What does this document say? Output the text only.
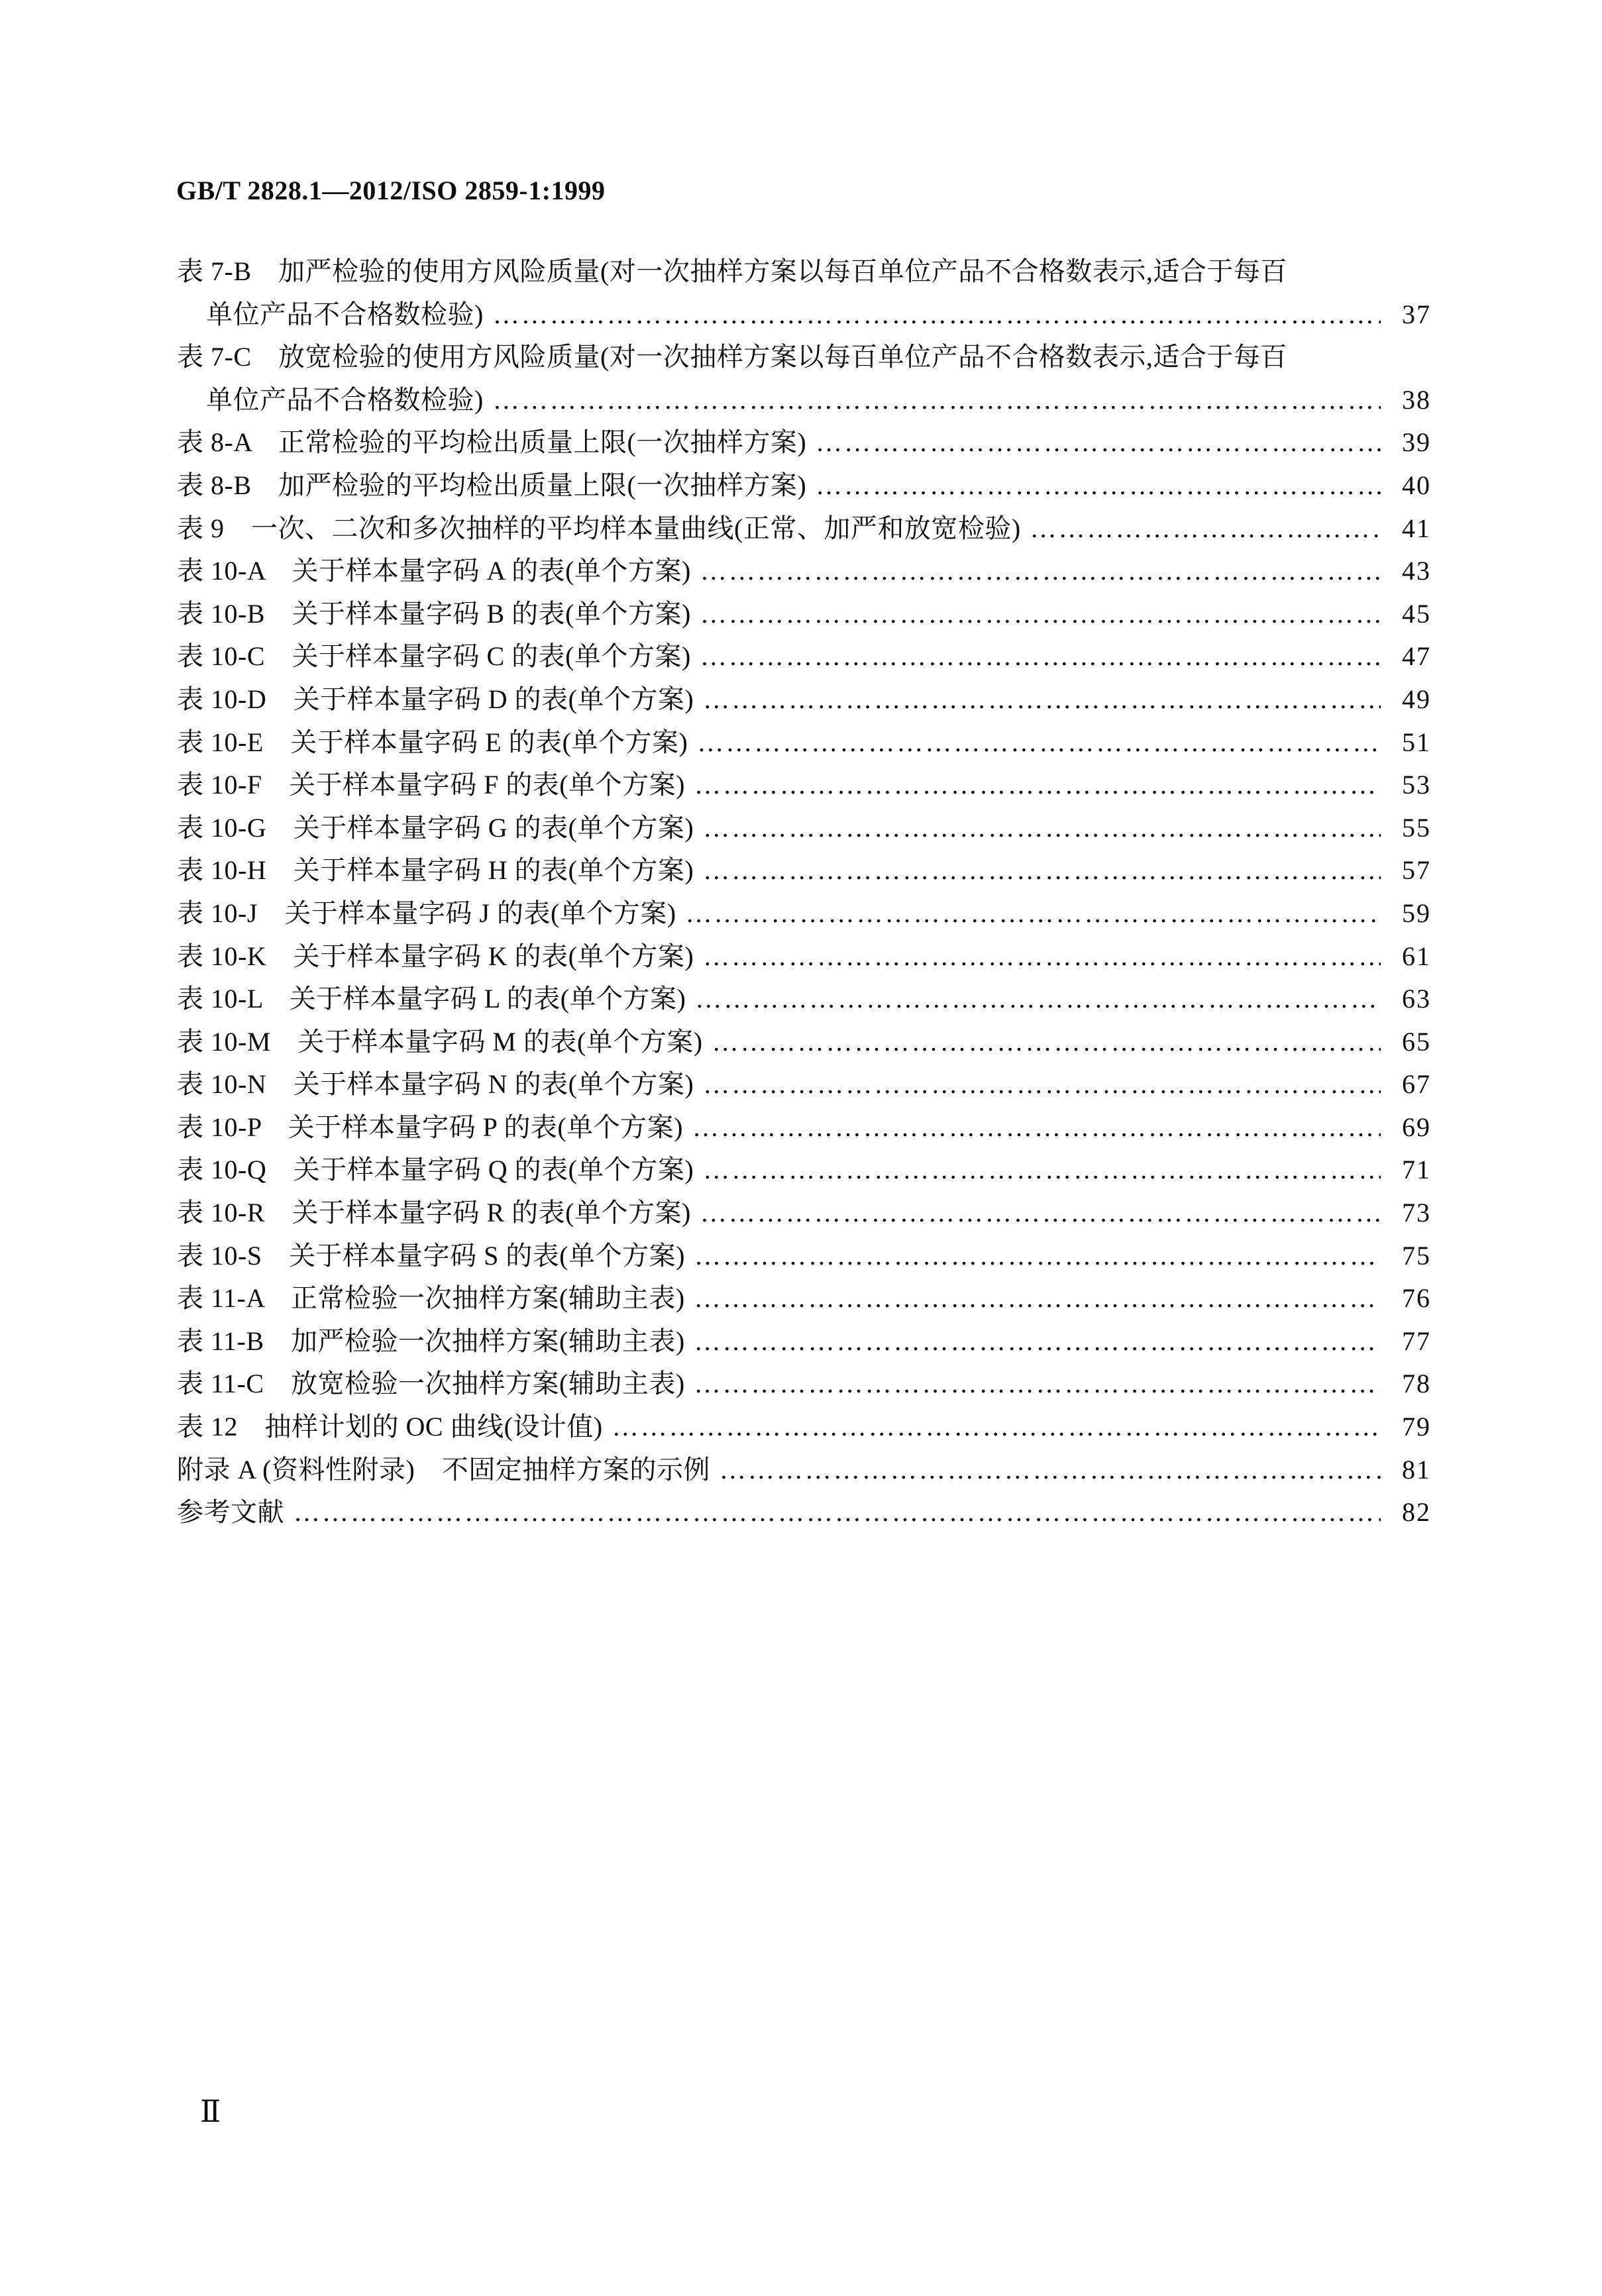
GB/T 2828.1—2012/ISO 2859-1:1999
表 7-B　加严检验的使用方风险质量(对一次抽样方案以每百单位产品不合格数表示,适合于每百
单位产品不合格数检验) …………………………………………………………………………………………………………………………………………………………………………………………	37
表 7-C　放宽检验的使用方风险质量(对一次抽样方案以每百单位产品不合格数表示,适合于每百
单位产品不合格数检验) …………………………………………………………………………………………………………………………………………………………………………………………	38
表 8-A　正常检验的平均检出质量上限(一次抽样方案) …………………………………………………………………………………………………………………………………………………………………………………………	39
表 8-B　加严检验的平均检出质量上限(一次抽样方案) …………………………………………………………………………………………………………………………………………………………………………………………	40
表 9　一次、二次和多次抽样的平均样本量曲线(正常、加严和放宽检验) …………………………………………………………………………………………………………………………………………………………………………………………	41
表 10-A　关于样本量字码 A 的表(单个方案) …………………………………………………………………………………………………………………………………………………………………………………………	43
表 10-B　关于样本量字码 B 的表(单个方案) …………………………………………………………………………………………………………………………………………………………………………………………	45
表 10-C　关于样本量字码 C 的表(单个方案) …………………………………………………………………………………………………………………………………………………………………………………………	47
表 10-D　关于样本量字码 D 的表(单个方案) …………………………………………………………………………………………………………………………………………………………………………………………	49
表 10-E　关于样本量字码 E 的表(单个方案) …………………………………………………………………………………………………………………………………………………………………………………………	51
表 10-F　关于样本量字码 F 的表(单个方案) …………………………………………………………………………………………………………………………………………………………………………………………	53
表 10-G　关于样本量字码 G 的表(单个方案) …………………………………………………………………………………………………………………………………………………………………………………………	55
表 10-H　关于样本量字码 H 的表(单个方案) …………………………………………………………………………………………………………………………………………………………………………………………	57
表 10-J　关于样本量字码 J 的表(单个方案) …………………………………………………………………………………………………………………………………………………………………………………………	59
表 10-K　关于样本量字码 K 的表(单个方案) …………………………………………………………………………………………………………………………………………………………………………………………	61
表 10-L　关于样本量字码 L 的表(单个方案) …………………………………………………………………………………………………………………………………………………………………………………………	63
表 10-M　关于样本量字码 M 的表(单个方案) …………………………………………………………………………………………………………………………………………………………………………………………	65
表 10-N　关于样本量字码 N 的表(单个方案) …………………………………………………………………………………………………………………………………………………………………………………………	67
表 10-P　关于样本量字码 P 的表(单个方案) …………………………………………………………………………………………………………………………………………………………………………………………	69
表 10-Q　关于样本量字码 Q 的表(单个方案) …………………………………………………………………………………………………………………………………………………………………………………………	71
表 10-R　关于样本量字码 R 的表(单个方案) …………………………………………………………………………………………………………………………………………………………………………………………	73
表 10-S　关于样本量字码 S 的表(单个方案) …………………………………………………………………………………………………………………………………………………………………………………………	75
表 11-A　正常检验一次抽样方案(辅助主表) …………………………………………………………………………………………………………………………………………………………………………………………	76
表 11-B　加严检验一次抽样方案(辅助主表) …………………………………………………………………………………………………………………………………………………………………………………………	77
表 11-C　放宽检验一次抽样方案(辅助主表) …………………………………………………………………………………………………………………………………………………………………………………………	78
表 12　抽样计划的 OC 曲线(设计值) …………………………………………………………………………………………………………………………………………………………………………………………	79
附录 A (资料性附录)　不固定抽样方案的示例 …………………………………………………………………………………………………………………………………………………………………………………………	81
参考文献 …………………………………………………………………………………………………………………………………………………………………………………………	82
Ⅱ
